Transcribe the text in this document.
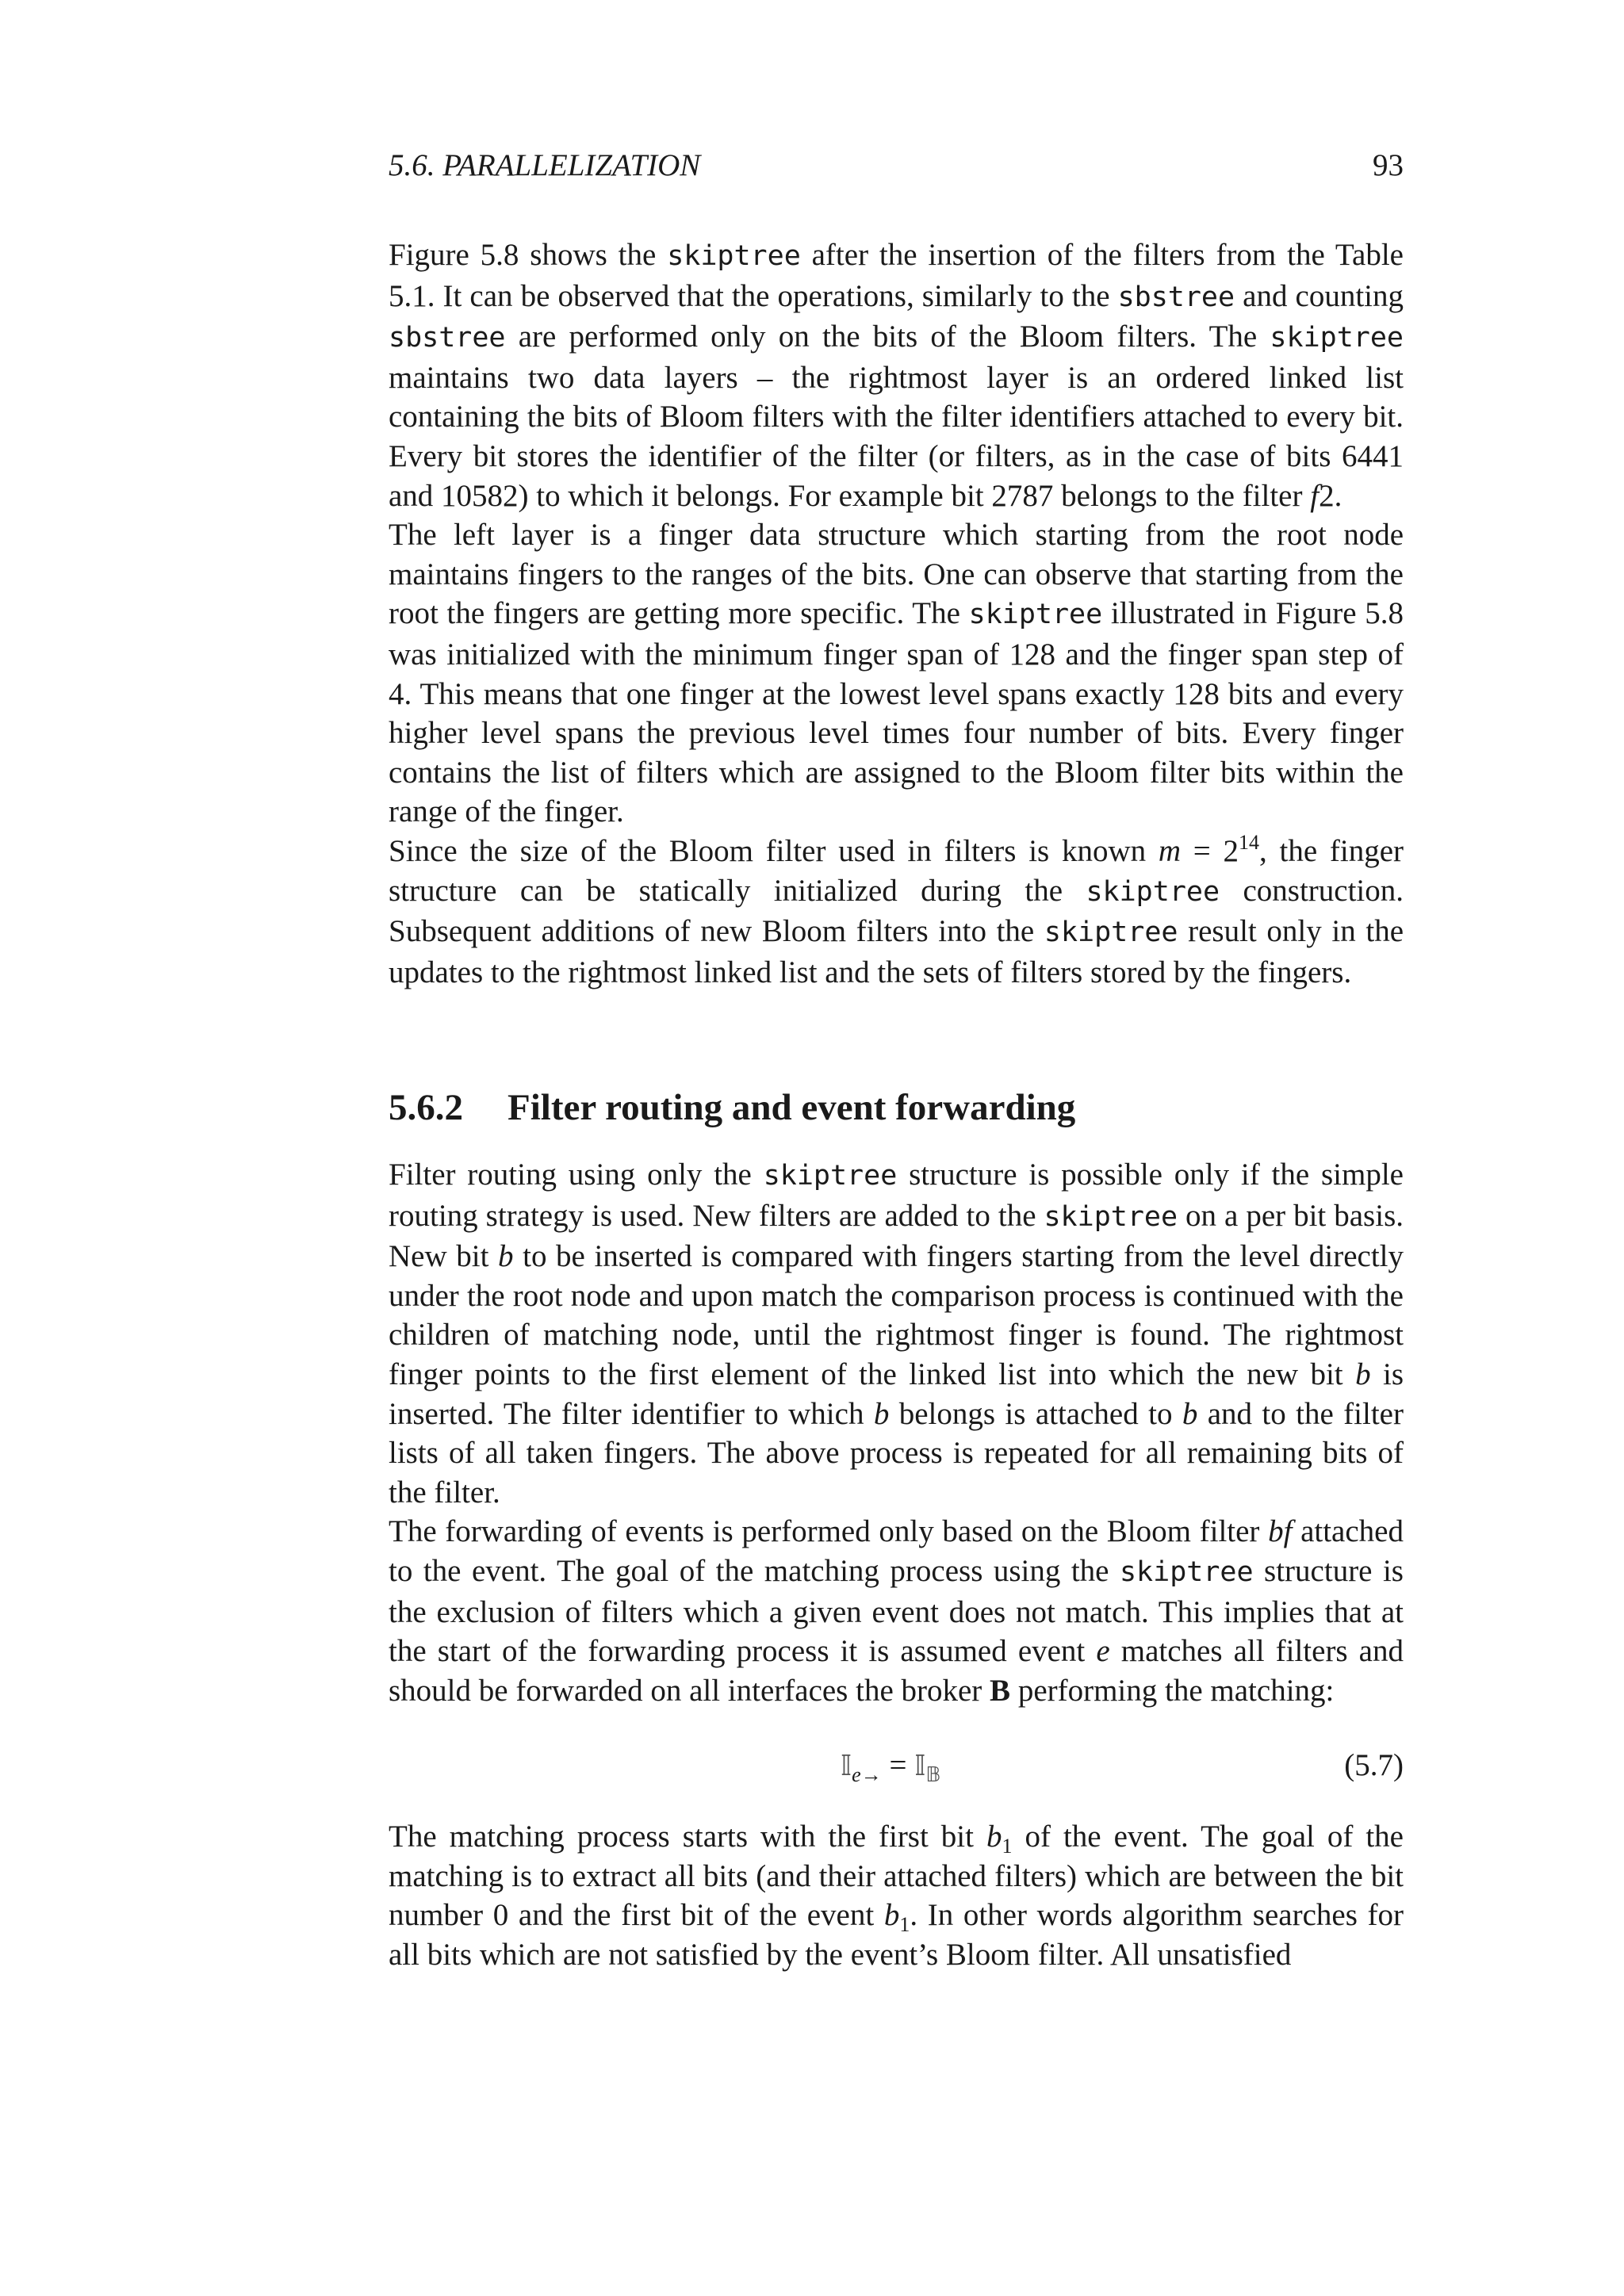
5.6. PARALLELIZATION	93

Figure 5.8 shows the skiptree after the insertion of the filters from the Table 5.1. It can be observed that the operations, similarly to the sbstree and counting sbstree are performed only on the bits of the Bloom filters. The skiptree maintains two data layers – the rightmost layer is an ordered linked list containing the bits of Bloom filters with the filter identifiers attached to every bit. Every bit stores the identifier of the filter (or filters, as in the case of bits 6441 and 10582) to which it belongs. For example bit 2787 belongs to the filter f2.

The left layer is a finger data structure which starting from the root node maintains fingers to the ranges of the bits. One can observe that starting from the root the fingers are getting more specific. The skiptree illustrated in Figure 5.8 was initialized with the minimum finger span of 128 and the finger span step of 4. This means that one finger at the lowest level spans exactly 128 bits and every higher level spans the previous level times four number of bits. Every finger contains the list of filters which are assigned to the Bloom filter bits within the range of the finger.

Since the size of the Bloom filter used in filters is known $m = 2^{14}$, the finger structure can be statically initialized during the skiptree construction. Subsequent additions of new Bloom filters into the skiptree result only in the updates to the rightmost linked list and the sets of filters stored by the fingers.

5.6.2 Filter routing and event forwarding

Filter routing using only the skiptree structure is possible only if the simple routing strategy is used. New filters are added to the skiptree on a per bit basis. New bit b to be inserted is compared with fingers starting from the level directly under the root node and upon match the comparison process is continued with the children of matching node, until the rightmost finger is found. The rightmost finger points to the first element of the linked list into which the new bit b is inserted. The filter identifier to which b belongs is attached to b and to the filter lists of all taken fingers. The above process is repeated for all remaining bits of the filter.

The forwarding of events is performed only based on the Bloom filter bf attached to the event. The goal of the matching process using the skiptree structure is the exclusion of filters which a given event does not match. This implies that at the start of the forwarding process it is assumed event e matches all filters and should be forwarded on all interfaces the broker B performing the matching:

𝕀$_{e\to}$ = 𝕀$_𝔹$	(5.7)

The matching process starts with the first bit $b_1$ of the event. The goal of the matching is to extract all bits (and their attached filters) which are between the bit number 0 and the first bit of the event $b_1$. In other words algorithm searches for all bits which are not satisfied by the event’s Bloom filter. All unsatisfied
